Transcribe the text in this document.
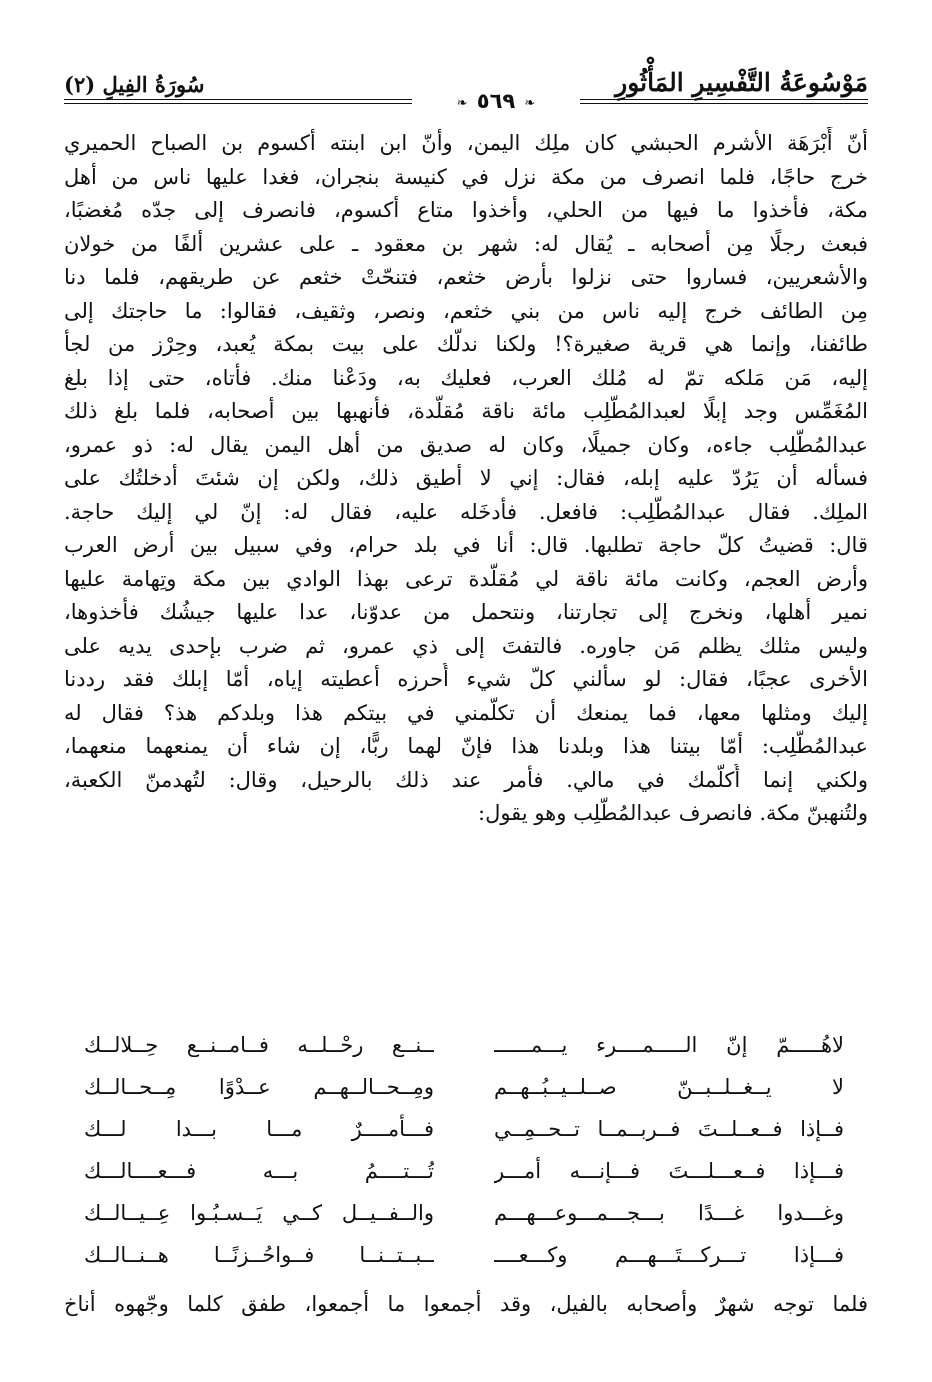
مَوْسُوعَةُ التَّفْسِيرِ المَأْثُورِ
سُورَةُ الفِيلِ (٢)
❧ ٥٦٩ ❧
أنّ أَبْرَهَة الأشرم الحبشي كان ملِك اليمن، وأنّ ابن ابنته أكسوم بن الصباح الحميري
خرج حاجًا، فلما انصرف من مكة نزل في كنيسة بنجران، فغدا عليها ناس من أهل
مكة، فأخذوا ما فيها من الحلي، وأخذوا متاع أكسوم، فانصرف إلى جدّه مُغضبًا،
فبعث رجلًا مِن أصحابه ـ يُقال له: شهر بن معقود ـ على عشرين ألفًا من خولان
والأشعريين، فساروا حتى نزلوا بأرض خثعم، فتنحّتْ خثعم عن طريقهم، فلما دنا
مِن الطائف خرج إليه ناس من بني خثعم، ونصر، وثقيف، فقالوا: ما حاجتك إلى
طائفنا، وإنما هي قرية صغيرة؟! ولكنا ندلّك على بيت بمكة يُعبد، وحِرْز من لجأ
إليه، مَن مَلكه تمّ له مُلك العرب، فعليك به، ودَعْنا منك. فأتاه، حتى إذا بلغ
المُغَمِّس وجد إبلًا لعبدالمُطَّلِب مائة ناقة مُقلّدة، فأنهبها بين أصحابه، فلما بلغ ذلك
عبدالمُطَّلِب جاءه، وكان جميلًا، وكان له صديق من أهل اليمن يقال له: ذو عمرو،
فسأله أن يَرُدّ عليه إبله، فقال: إني لا أطيق ذلك، ولكن إن شئتَ أدخلتُك على
الملِك. فقال عبدالمُطَّلِب: فافعل. فأدخَله عليه، فقال له: إنّ لي إليك حاجة.
قال: قضيتُ كلّ حاجة تطلبها. قال: أنا في بلد حرام، وفي سبيل بين أرض العرب
وأرض العجم، وكانت مائة ناقة لي مُقلّدة ترعى بهذا الوادي بين مكة وتِهامة عليها
نمير أهلها، ونخرج إلى تجارتنا، ونتحمل من عدوّنا، عدا عليها جيشُك فأخذوها،
وليس مثلك يظلم مَن جاوره. فالتفتَ إلى ذي عمرو، ثم ضرب بإحدى يديه على
الأخرى عجبًا، فقال: لو سألني كلّ شيء أُحرزه أعطيته إياه، أمّا إبلك فقد رددنا
إليك ومثلها معها، فما يمنعك أن تكلّمني في بيتكم هذا وبلدكم هذ؟ فقال له
عبدالمُطَّلِب: أمّا بيتنا هذا وبلدنا هذا فإنّ لهما ربًّا، إن شاء أن يمنعهما منعهما،
ولكني إنما أُكلّمك في مالي. فأمر عند ذلك بالرحيل، وقال: لتُهدمنّ الكعبة،
ولتُنهبنّ مكة. فانصرف عبدالمُطَّلِب وهو يقول:
لاهُـــــمّ إنّ الـــــمــــرء يـــمــــــ
ــنــع رحْــلــه فــامــنــع حِــلالــك
لا يــغــلــبــنّ صــلــيــبُــهــم
ومِــحــالــهــم عــدْوًا مِــحــالــك
فــإذا فــعــلــتَ فــربــمــا تــحــمِــي
فـــأمــــرٌ مـــا بـــدا لـــك
فـــإذا فــعـــلـــتَ فـــإنـــه أمـــر
تُـــتــــمُ بـــه فـــعــــالـــك
وغـــدوا غـــدًا بـــجـــمـــوعـــهـــم
والــفــيــل كــي يَــسـبُـوا عِــيــالــك
فـــإذا تـــركـــتَـــهـــم وكـــعــــ
ــبــتــنــا فــواحُــزنًــا هــنــالــك
فلما توجه شهرٌ وأصحابه بالفيل، وقد أجمعوا ما أجمعوا، طفق كلما وجّهوه أناخ
